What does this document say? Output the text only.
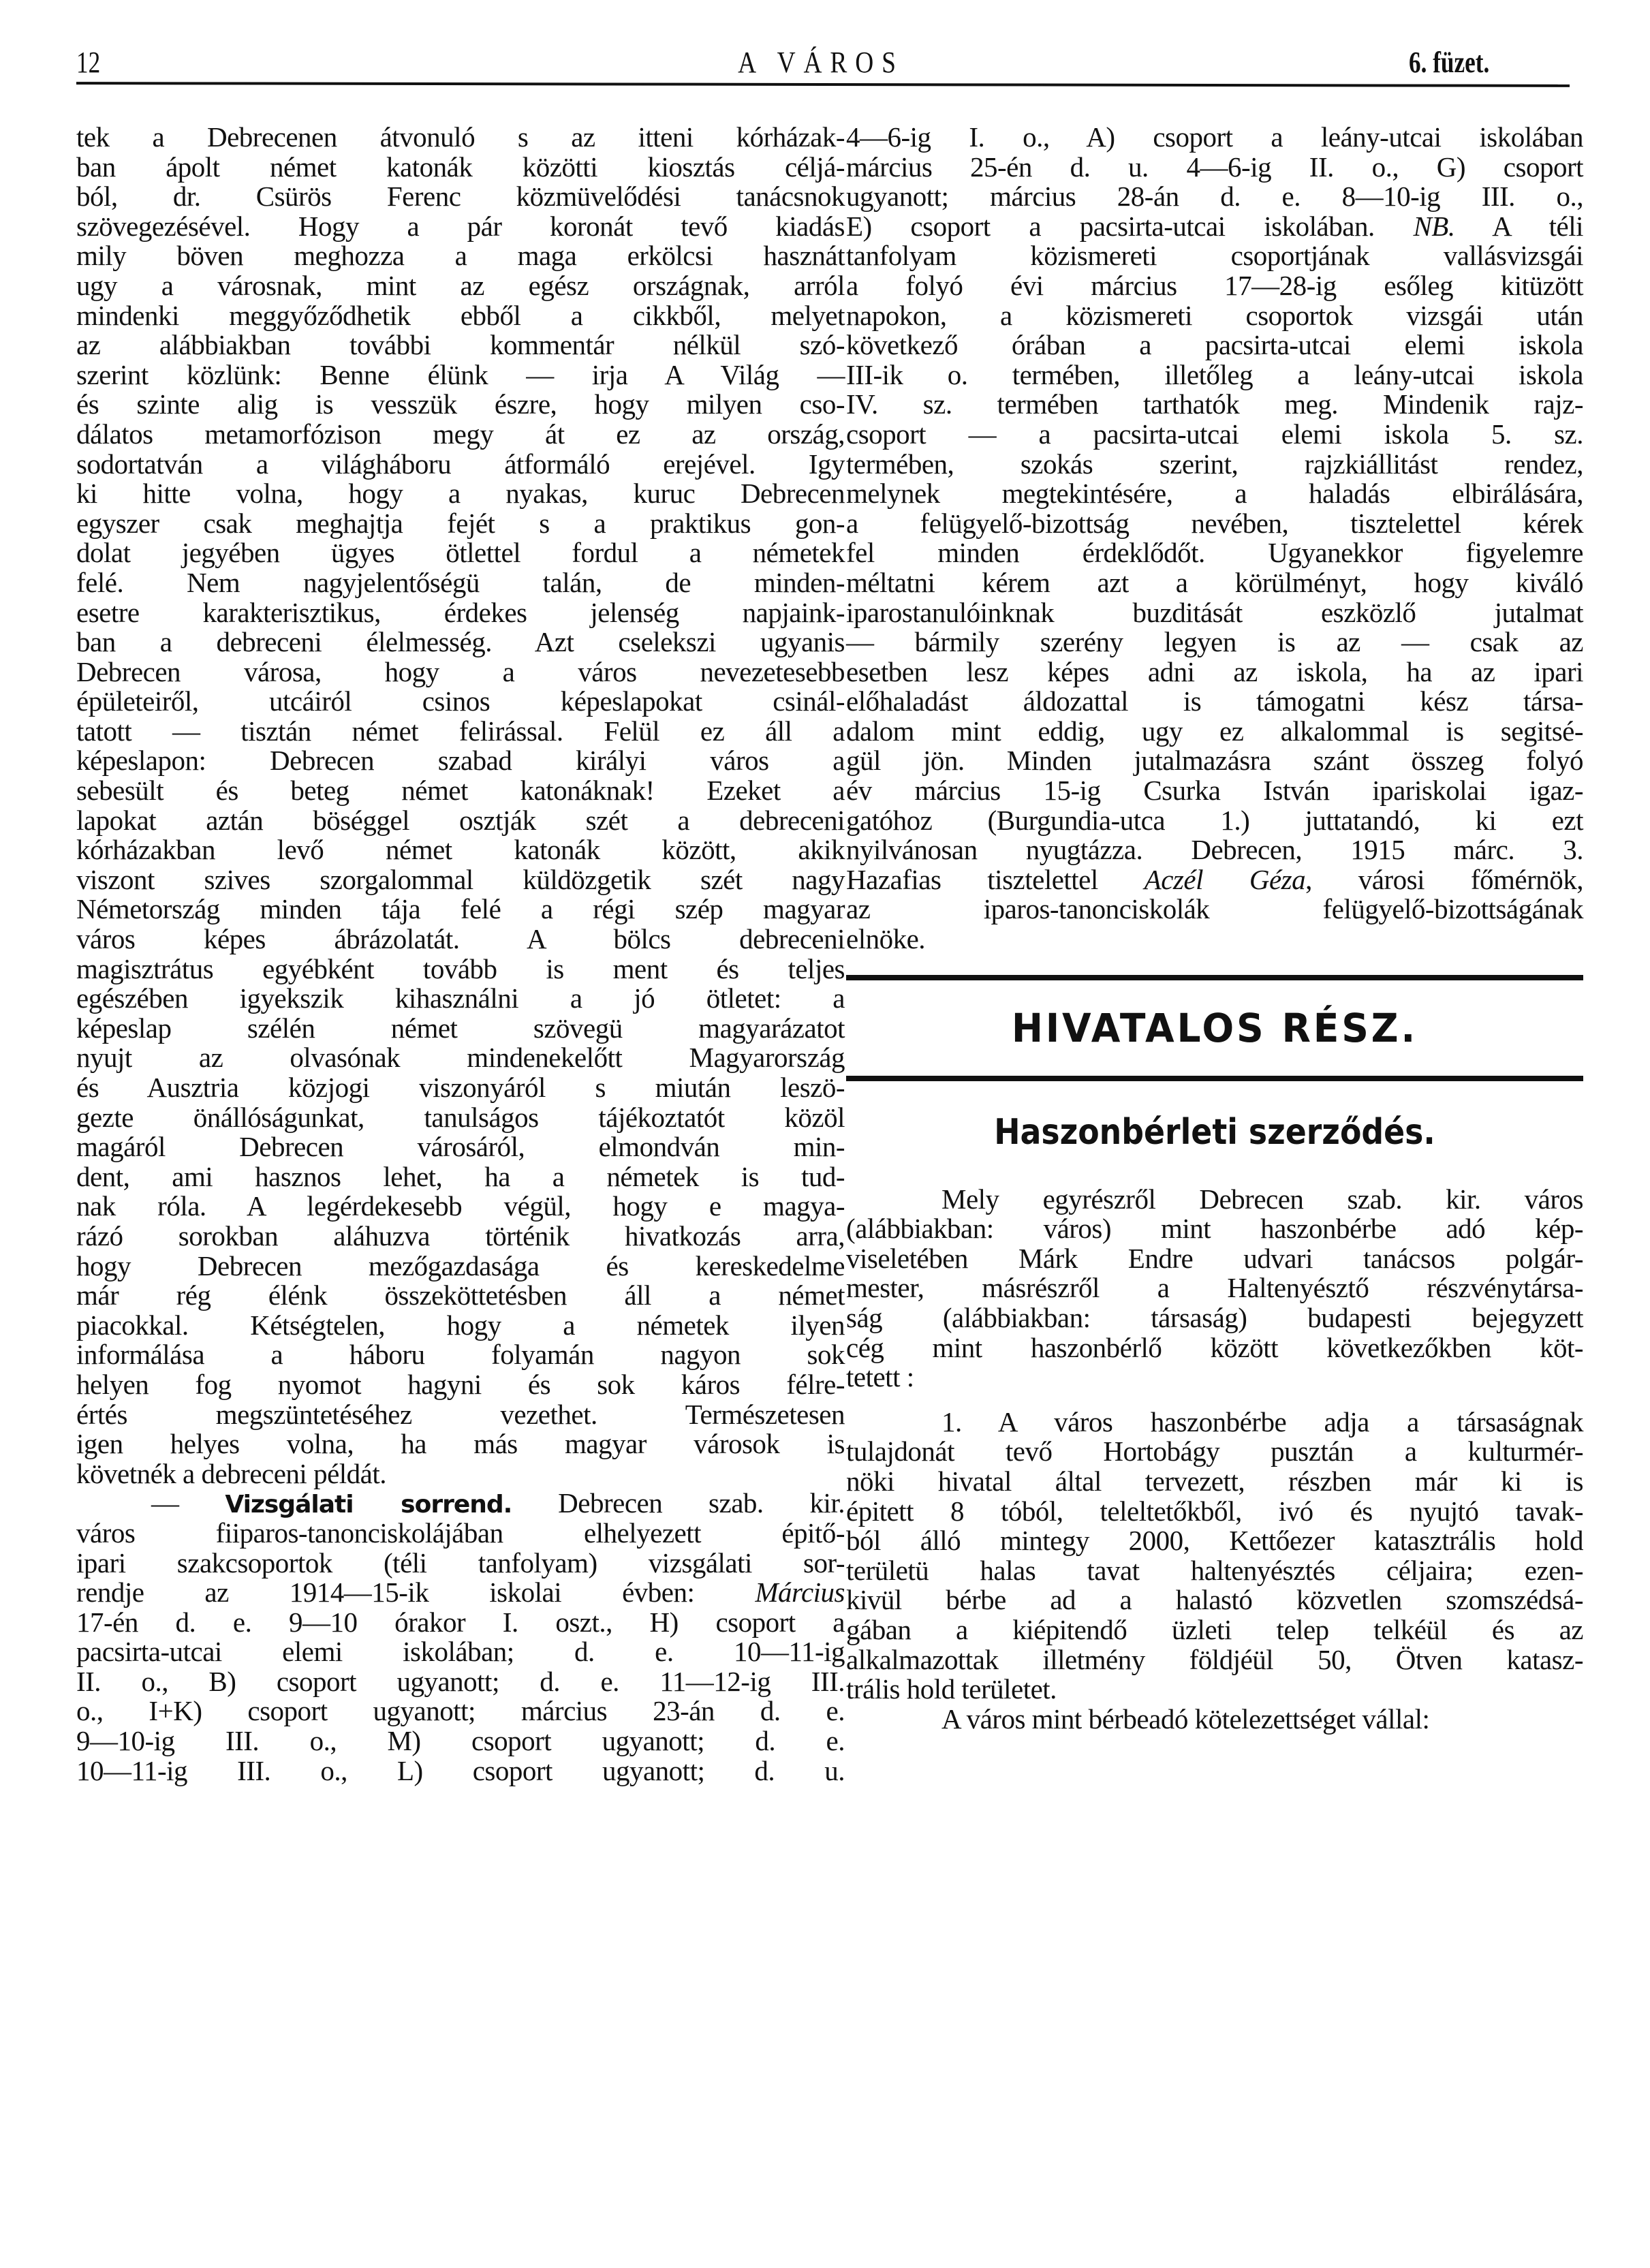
12	A VÁROS	6. füzet.
tek a Debrecenen átvonuló s az itteni kórházak-
ban ápolt német katonák közötti kiosztás célјá-
ból, dr. Csürös Ferenc közmüvelődési tanácsnok
szövegezésével. Hogy a pár koronát tevő kiadás
mily böven meghozza a maga erkölcsi hasznát
ugy a városnak, mint az egész országnak, arról
mindenki meggyőződhetik ebből a cikkből, melyet
az alábbiakban további kommentár nélkül szó-
szerint közlünk: Benne élünk — irja A Világ —
és szinte alig is vesszük észre, hogy milyen cso-
dálatos metamorfózison megy át ez az ország,
sodortatván a világháboru átformáló erejével. Igy
ki hitte volna, hogy a nyakas, kuruc Debrecen
egyszer csak meghajtja fejét s a praktikus gon-
dolat jegyében ügyes ötlettel fordul a németek
felé. Nem nagyjelentőségü talán, de minden-
esetre karakterisztikus, érdekes jelenség napjaink-
ban a debreceni élelmesség. Azt cselekszi ugyanis
Debrecen városa, hogy a város nevezetesebb
épületeiről, utcáiról csinos képeslapokat csinál-
tatott — tisztán német felirással. Felül ez áll a
képeslapon: Debrecen szabad királyi város a
sebesült és beteg német katonáknak! Ezeket a
lapokat aztán böséggel osztják szét a debreceni
kórházakban levő német katonák között, akik
viszont szives szorgalommal küldözgetik szét nagy
Németország minden tája felé a régi szép magyar
város képes ábrázolatát. A bölcs debreceni
magisztrátus egyébként tovább is ment és teljes
egészében igyekszik kihasználni a jó ötletet: a
képeslap szélén német szövegü magyarázatot
nyujt az olvasónak mindenekelőtt Magyarország
és Ausztria közjogi viszonyáról s miután leszö-
gezte önállóságunkat, tanulságos tájékoztatót közöl
magáról Debrecen városáról, elmondván min-
dent, ami hasznos lehet, ha a németek is tud-
nak róla. A legérdekesebb végül, hogy e magya-
rázó sorokban aláhuzva történik hivatkozás arra,
hogy Debrecen mezőgazdasága és kereskedelme
már rég élénk összeköttetésben áll a német
piacokkal. Kétségtelen, hogy a németek ilyen
informálása a háboru folyamán nagyon sok
helyen fog nyomot hagyni és sok káros félre-
értés megszüntetéséhez vezethet. Természetesen
igen helyes volna, ha más magyar városok is
követnék a debreceni példát.
— Vizsgálati sorrend. Debrecen szab. kir.
város fiiparos-tanonciskolájában elhelyezett épitő-
ipari szakcsoportok (téli tanfolyam) vizsgálati sor-
rendje az 1914—15-ik iskolai évben: Március
17-én d. e. 9—10 órakor I. oszt., H) csoport a
pacsirta-utcai elemi iskolában; d. e. 10—11-ig
II. o., B) csoport ugyanott; d. e. 11—12-ig III.
o., I+K) csoport ugyanott; március 23-án d. e.
9—10-ig III. o., M) csoport ugyanott; d. e.
10—11-ig III. o., L) csoport ugyanott; d. u.
4—6-ig I. o., A) csoport a leány-utcai iskolában
március 25-én d. u. 4—6-ig II. o., G) csoport
ugyanott; március 28-án d. e. 8—10-ig III. o.,
E) csoport a pacsirta-utcai iskolában. NB. A téli
tanfolyam közismereti csoportjának vallásvizsgái
a folyó évi március 17—28-ig esőleg kitüzött
napokon, a közismereti csoportok vizsgái után
következő órában a pacsirta-utcai elemi iskola
III-ik o. termében, illetőleg a leány-utcai iskola
IV. sz. termében tarthatók meg. Mindenik rajz-
csoport — a pacsirta-utcai elemi iskola 5. sz.
termében, szokás szerint, rajzkiállitást rendez,
melynek megtekintésére, a haladás elbirálására,
a felügyelő-bizottság nevében, tisztelettel kérek
fel minden érdeklődőt. Ugyanekkor figyelemre
méltatni kérem azt a körülményt, hogy kiváló
iparostanulóinknak buzditását eszközlő jutalmat
— bármily szerény legyen is az — csak az
esetben lesz képes adni az iskola, ha az ipari
előhaladást áldozattal is támogatni kész társa-
dalom mint eddig, ugy ez alkalommal is segitsé-
gül jön. Minden jutalmazásra szánt összeg folyó
év március 15-ig Csurka István ipariskolai igaz-
gatóhoz (Burgundia-utca 1.) juttatandó, ki ezt
nyilvánosan nyugtázza. Debrecen, 1915 márc. 3.
Hazafias tisztelettel Aczél Géza, városi főmérnök,
az iparos-tanonciskolák felügyelő-bizottságának
elnöke.
HIVATALOS RÉSZ.
Haszonbérleti szerződés.
Mely egyrészről Debrecen szab. kir. város
(alábbiakban: város) mint haszonbérbe adó kép-
viseletében Márk Endre udvari tanácsos polgár-
mester, másrészről a Haltenyésztő részvénytársa-
ság (alábbiakban: társaság) budapesti bejegyzett
cég mint haszonbérlő között következőkben köt-
tetett :
1. A város haszonbérbe adja a társaságnak
tulajdonát tevő Hortobágy pusztán a kulturmér-
nöki hivatal által tervezett, részben már ki is
épitett 8 tóból, teleltetőkből, ivó és nyujtó tavak-
ból álló mintegy 2000, Kettőezer katasztrális hold
területü halas tavat haltenyésztés céljaira; ezen-
kivül bérbe ad a halastó közvetlen szomszédsá-
gában a kiépitendő üzleti telep telkéül és az
alkalmazottak illetmény földjéül 50, Ötven katasz-
trális hold területet.
A város mint bérbeadó kötelezettséget vállal:
